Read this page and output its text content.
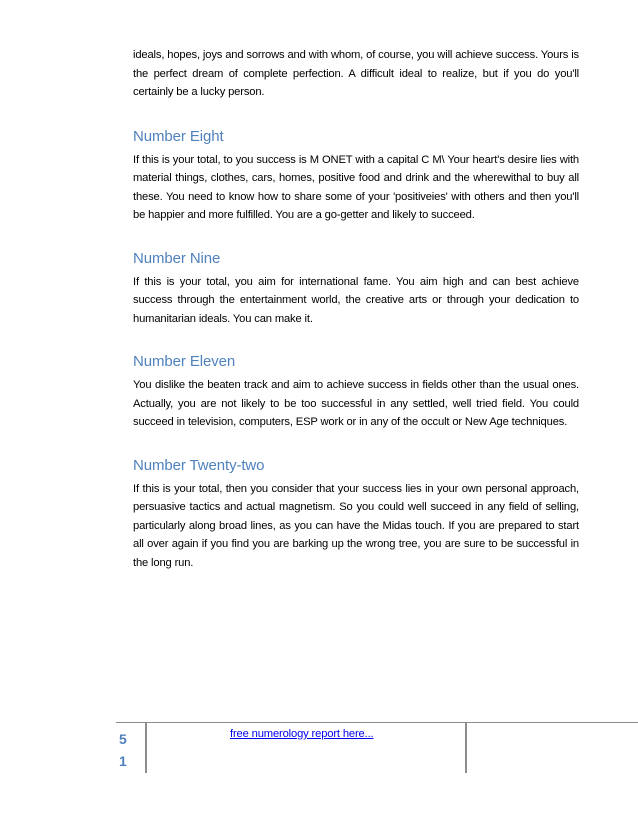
ideals, hopes, joys and sorrows and with whom, of course, you will achieve success. Yours is the perfect dream of complete perfection. A difficult ideal to realize, but if you do you'll certainly be a lucky person.

Number Eight

If this is your total, to you success is M ONET with a capital C M\ Your heart's desire lies with material things, clothes, cars, homes, positive food and drink and the wherewithal to buy all these. You need to know how to share some of your 'positiveies' with others and then you'll be happier and more fulfilled. You are a go-getter and likely to succeed.

Number Nine

If this is your total, you aim for international fame. You aim high and can best achieve success through the entertainment world, the creative arts or through your dedication to humanitarian ideals. You can make it.

Number Eleven

You dislike the beaten track and aim to achieve success in fields other than the usual ones. Actually, you are not likely to be too successful in any settled, well tried field. You could succeed in television, computers, ESP work or in any of the occult or New Age techniques.

Number Twenty-two

If this is your total, then you consider that your success lies in your own personal approach, persuasive tactics and actual magnetism. So you could well succeed in any field of selling, particularly along broad lines, as you can have the Midas touch. If you are prepared to start all over again if you find you are barking up the wrong tree, you are sure to be successful in the long run.

5
1
free numerology report here...
